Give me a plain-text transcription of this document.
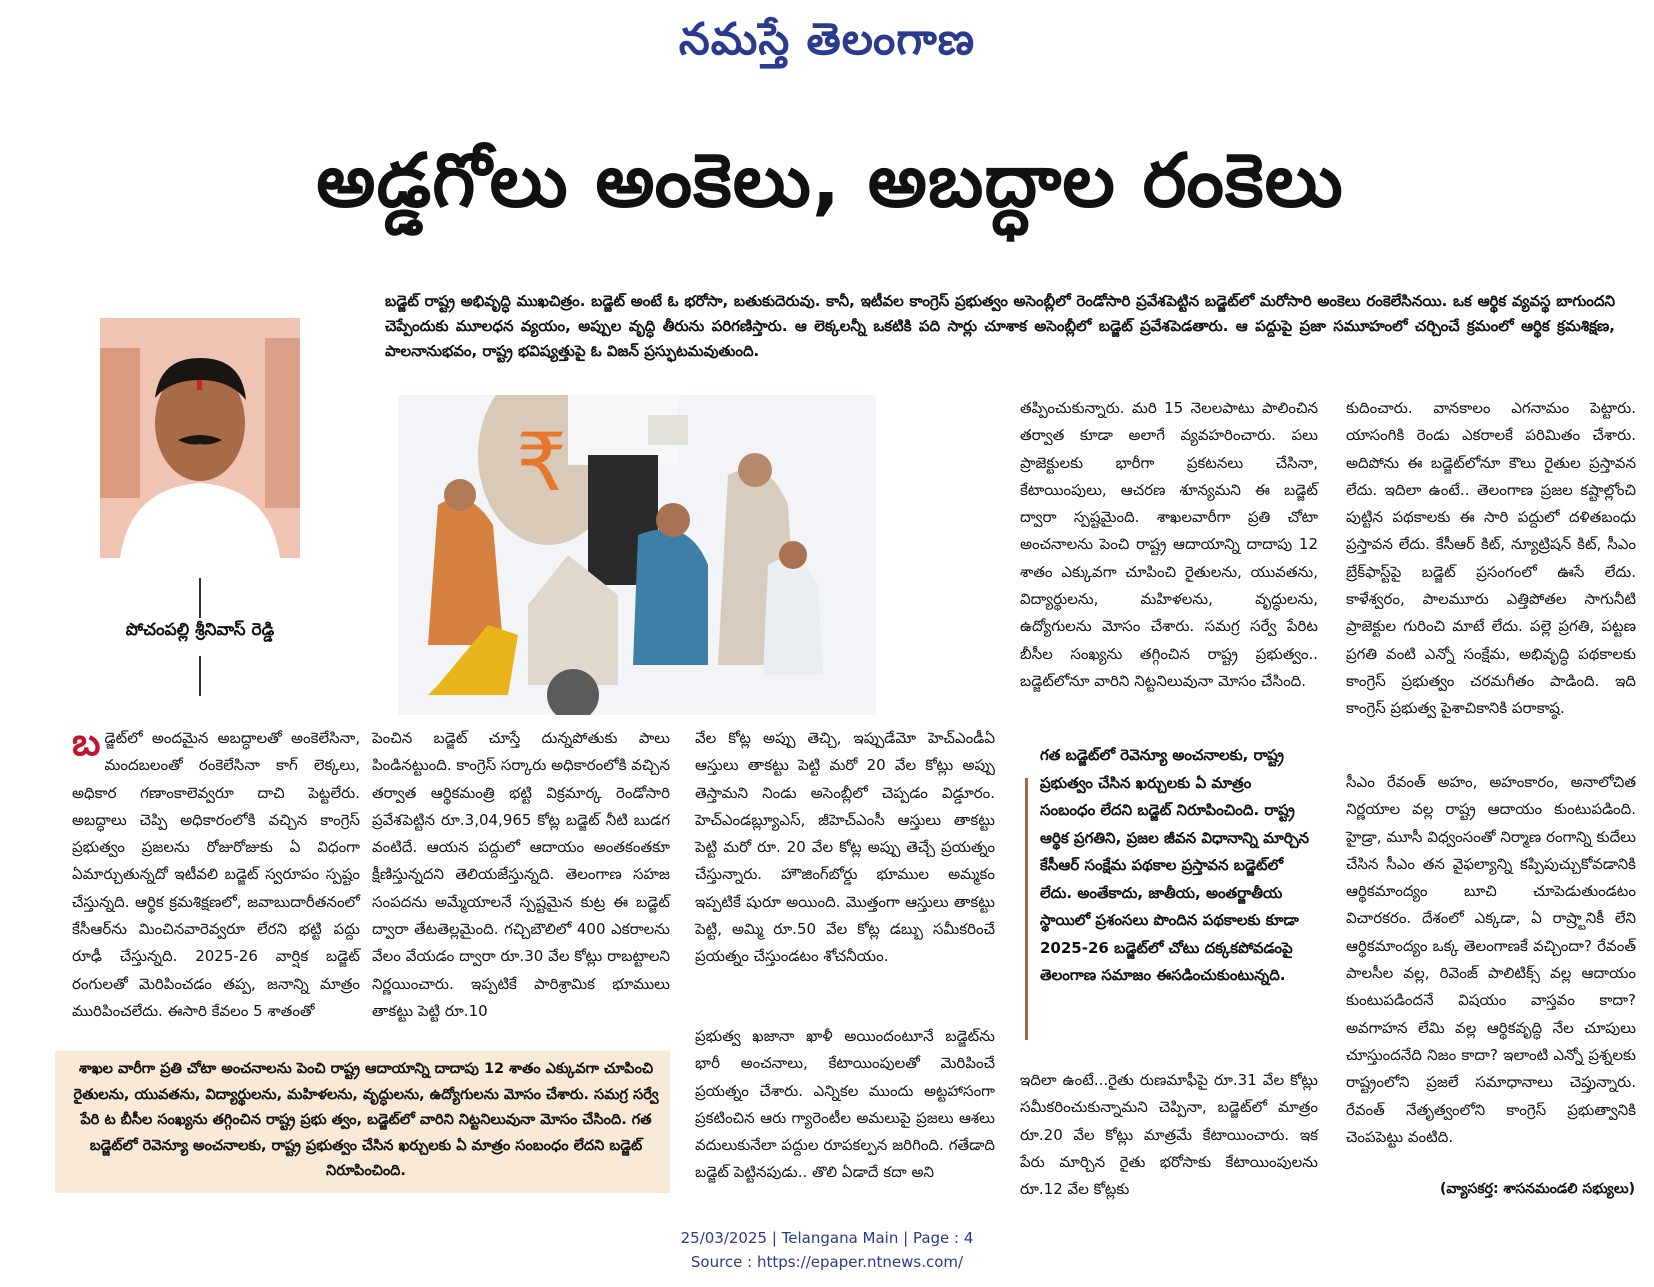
నమస్తే తెలంగాణ
అడ్డగోలు అంకెలు, అబద్ధాల రంకెలు
బడ్జెట్ రాష్ట్ర అభివృద్ధి ముఖచిత్రం. బడ్జెట్ అంటే ఓ భరోసా, బతుకుదెరువు. కానీ, ఇటీవల కాంగ్రెస్ ప్రభుత్వం అసెంబ్లీలో రెండోసారి ప్రవేశపెట్టిన బడ్జెట్‌లో మరోసారి అంకెలు రంకెలేసినయి. ఒక ఆర్థిక వ్యవస్థ బాగుందని చెప్పేందుకు మూలధన వ్యయం, అప్పుల వృద్ధి తీరును పరిగణిస్తారు. ఆ లెక్కలన్నీ ఒకటికి పది సార్లు చూశాక అసెంబ్లీలో బడ్జెట్ ప్రవేశపెడతారు. ఆ పద్దుపై ప్రజా సమూహంలో చర్చించే క్రమంలో ఆర్థిక క్రమశిక్షణ, పాలనానుభవం, రాష్ట్ర భవిష్యత్తుపై ఓ విజన్ ప్రస్ఫుటమవుతుంది.
పోచంపల్లి శ్రీనివాస్ రెడ్డి
₹
బ డ్జెట్‌లో అందమైన అబద్ధాలతో అంకెలేసినా, మందబలంతో రంకెలేసినా కాగ్ లెక్కలు, అధికార గణాంకాలెవ్వరూ దాచి పెట్టలేరు. అబద్ధాలు చెప్పి అధికారంలోకి వచ్చిన కాంగ్రెస్ ప్రభుత్వం ప్రజలను రోజురోజుకు ఏ విధంగా ఏమార్చుతున్నదో ఇటీవలి బడ్జెట్ స్వరూపం స్పష్టం చేస్తున్నది. ఆర్థిక క్రమశిక్షణలో, జవాబుదారీతనంలో కేసీఆర్‌ను మించినవారెవ్వరూ లేరని భట్టి పద్దు రూఢీ చేస్తున్నది. 2025-26 వార్షిక బడ్జెట్ రంగులతో మెరిపించడం తప్ప, జనాన్ని మాత్రం మురిపించలేదు. ఈసారి కేవలం 5 శాతంతో
పెంచిన బడ్జెట్ చూస్తే దున్నపోతుకు పాలు పిండినట్టుంది. కాంగ్రెస్ సర్కారు అధికారంలోకి వచ్చిన తర్వాత ఆర్థికమంత్రి భట్టి విక్రమార్క రెండోసారి ప్రవేశపెట్టిన రూ.3,04,965 కోట్ల బడ్జెట్ నీటి బుడగ వంటిదే. ఆయన పద్దులో ఆదాయం అంతకంతకూ క్షీణిస్తున్నదని తెలియజేస్తున్నది. తెలంగాణ సహజ సంపదను అమ్మేయాలనే స్పష్టమైన కుట్ర ఈ బడ్జెట్ ద్వారా తేటతెల్లమైంది. గచ్చిబౌలిలో 400 ఎకరాలను వేలం వేయడం ద్వారా రూ.30 వేల కోట్లు రాబట్టాలని నిర్ణయించారు. ఇప్పటికే పారిశ్రామిక భూములు తాకట్టు పెట్టి రూ.10
వేల కోట్ల అప్పు తెచ్చి, ఇప్పుడేమో హెచ్‌ఎండీఏ ఆస్తులు తాకట్టు పెట్టి మరో 20 వేల కోట్లు అప్పు తెస్తామని నిండు అసెంబ్లీలో చెప్పడం విడ్డూరం. హెచ్‌ఎండబ్ల్యూఎస్, జీహెచ్‌ఎంసీ ఆస్తులు తాకట్టు పెట్టి మరో రూ. 20 వేల కోట్ల అప్పు తెచ్చే ప్రయత్నం చేస్తున్నారు. హౌజింగ్‌బోర్డు భూముల అమ్మకం ఇప్పటికే షురూ అయింది. మొత్తంగా ఆస్తులు తాకట్టు పెట్టి, అమ్మి రూ.50 వేల కోట్ల డబ్బు సమీకరించే ప్రయత్నం చేస్తుండటం శోచనీయం.
ప్రభుత్వ ఖజానా ఖాళీ అయిందంటూనే బడ్జెట్‌ను భారీ అంచనాలు, కేటాయింపులతో మెరిపించే ప్రయత్నం చేశారు. ఎన్నికల ముందు అట్టహాసంగా ప్రకటించిన ఆరు గ్యారెంటీల అమలుపై ప్రజలు ఆశలు వదులుకునేలా పద్దుల రూపకల్పన జరిగింది. గతేడాది బడ్జెట్ పెట్టినపుడు.. తొలి ఏడాదే కదా అని
తప్పించుకున్నారు. మరి 15 నెలలపాటు పాలించిన తర్వాత కూడా అలాగే వ్యవహరించారు. పలు ప్రాజెక్టులకు భారీగా ప్రకటనలు చేసినా, కేటాయింపులు, ఆచరణ శూన్యమని ఈ బడ్జెట్ ద్వారా స్పష్టమైంది. శాఖలవారీగా ప్రతి చోటా అంచనాలను పెంచి రాష్ట్ర ఆదాయాన్ని దాదాపు 12 శాతం ఎక్కువగా చూపించి రైతులను, యువతను, విద్యార్థులను, మహిళలను, వృద్ధులను, ఉద్యోగులను మోసం చేశారు. సమగ్ర సర్వే పేరిట బీసీల సంఖ్యను తగ్గించిన రాష్ట్ర ప్రభుత్వం.. బడ్జెట్‌లోనూ వారిని నిట్టనిలువునా మోసం చేసింది.
గత బడ్జెట్‌లో రెవెన్యూ అంచనాలకు, రాష్ట్ర ప్రభుత్వం చేసిన ఖర్చులకు ఏ మాత్రం సంబంధం లేదని బడ్జెట్ నిరూపించింది. రాష్ట్ర ఆర్థిక ప్రగతిని, ప్రజల జీవన విధానాన్ని మార్చిన కేసీఆర్ సంక్షేమ పథకాల ప్రస్తావన బడ్జెట్‌లో లేదు. అంతేకాదు, జాతీయ, అంతర్జాతీయ స్థాయిలో ప్రశంసలు పొందిన పథకాలకు కూడా 2025-26 బడ్జెట్‌లో చోటు దక్కకపోవడంపై తెలంగాణ సమాజం ఈసడించుకుంటున్నది.
ఇదిలా ఉంటే...రైతు రుణమాఫీపై రూ.31 వేల కోట్లు సమీకరించుకున్నామని చెప్పినా, బడ్జెట్‌లో మాత్రం రూ.20 వేల కోట్లు మాత్రమే కేటాయించారు. ఇక పేరు మార్చిన రైతు భరోసాకు కేటాయింపులను రూ.12 వేల కోట్లకు
కుదించారు. వానకాలం ఎగనామం పెట్టారు. యాసంగికి రెండు ఎకరాలకే పరిమితం చేశారు. అదిపోను ఈ బడ్జెట్‌లోనూ కౌలు రైతుల ప్రస్తావన లేదు. ఇదిలా ఉంటే.. తెలంగాణ ప్రజల కష్టాల్లోంచి పుట్టిన పథకాలకు ఈ సారి పద్దులో దళితబంధు ప్రస్తావన లేదు. కేసీఆర్ కిట్, న్యూట్రిషన్ కిట్, సీఎం బ్రేక్‌ఫాస్ట్‌పై బడ్జెట్ ప్రసంగంలో ఊసే లేదు. కాళేశ్వరం, పాలమూరు ఎత్తిపోతల సాగునీటి ప్రాజెక్టుల గురించి మాటే లేదు. పల్లె ప్రగతి, పట్టణ ప్రగతి వంటి ఎన్నో సంక్షేమ, అభివృద్ధి పథకాలకు కాంగ్రెస్ ప్రభుత్వం చరమగీతం పాడింది. ఇది కాంగ్రెస్ ప్రభుత్వ పైశాచికానికి పరాకాష్ఠ.
సీఎం రేవంత్ అహం, అహంకారం, అనాలోచిత నిర్ణయాల వల్ల రాష్ట్ర ఆదాయం కుంటుపడింది. హైడ్రా, మూసీ విధ్వంసంతో నిర్మాణ రంగాన్ని కుదేలు చేసిన సీఎం తన వైఫల్యాన్ని కప్పిపుచ్చుకోవడానికి ఆర్థికమాంద్యం బూచి చూపెడుతుండటం విచారకరం. దేశంలో ఎక్కడా, ఏ రాష్ర్టానికీ లేని ఆర్థికమాంద్యం ఒక్క తెలంగాణకే వచ్చిందా? రేవంత్ పాలసీల వల్ల, రివెంజ్ పాలిటిక్స్ వల్ల ఆదాయం కుంటుపడిందనే విషయం వాస్తవం కాదా? అవగాహన లేమి వల్ల ఆర్థికవృద్ధి నేల చూపులు చూస్తుందనేది నిజం కాదా? ఇలాంటి ఎన్నో ప్రశ్నలకు రాష్ట్రంలోని ప్రజలే సమాధానాలు చెప్తున్నారు. రేవంత్ నేతృత్వంలోని కాంగ్రెస్ ప్రభుత్వానికి చెంపపెట్టు వంటిది.
శాఖల వారీగా ప్రతి చోటా అంచనాలను పెంచి రాష్ట్ర ఆదాయాన్ని దాదాపు 12 శాతం ఎక్కువగా చూపించి రైతులను, యువతను, విద్యార్థులను, మహిళలను, వృద్ధులను, ఉద్యోగులను మోసం చేశారు. సమగ్ర సర్వే పేరి ట బీసీల సంఖ్యను తగ్గించిన రాష్ట్ర ప్రభు త్వం, బడ్జెట్‌లో వారిని నిట్టనిలువునా మోసం చేసింది. గత బడ్జెట్‌లో రెవెన్యూ అంచనాలకు, రాష్ట్ర ప్రభుత్వం చేసిన ఖర్చులకు ఏ మాత్రం సంబంధం లేదని బడ్జెట్ నిరూపించింది.
(వ్యాసకర్త: శాసనమండలి సభ్యులు)
25/03/2025 | Telangana Main | Page : 4
Source : https://epaper.ntnews.com/
